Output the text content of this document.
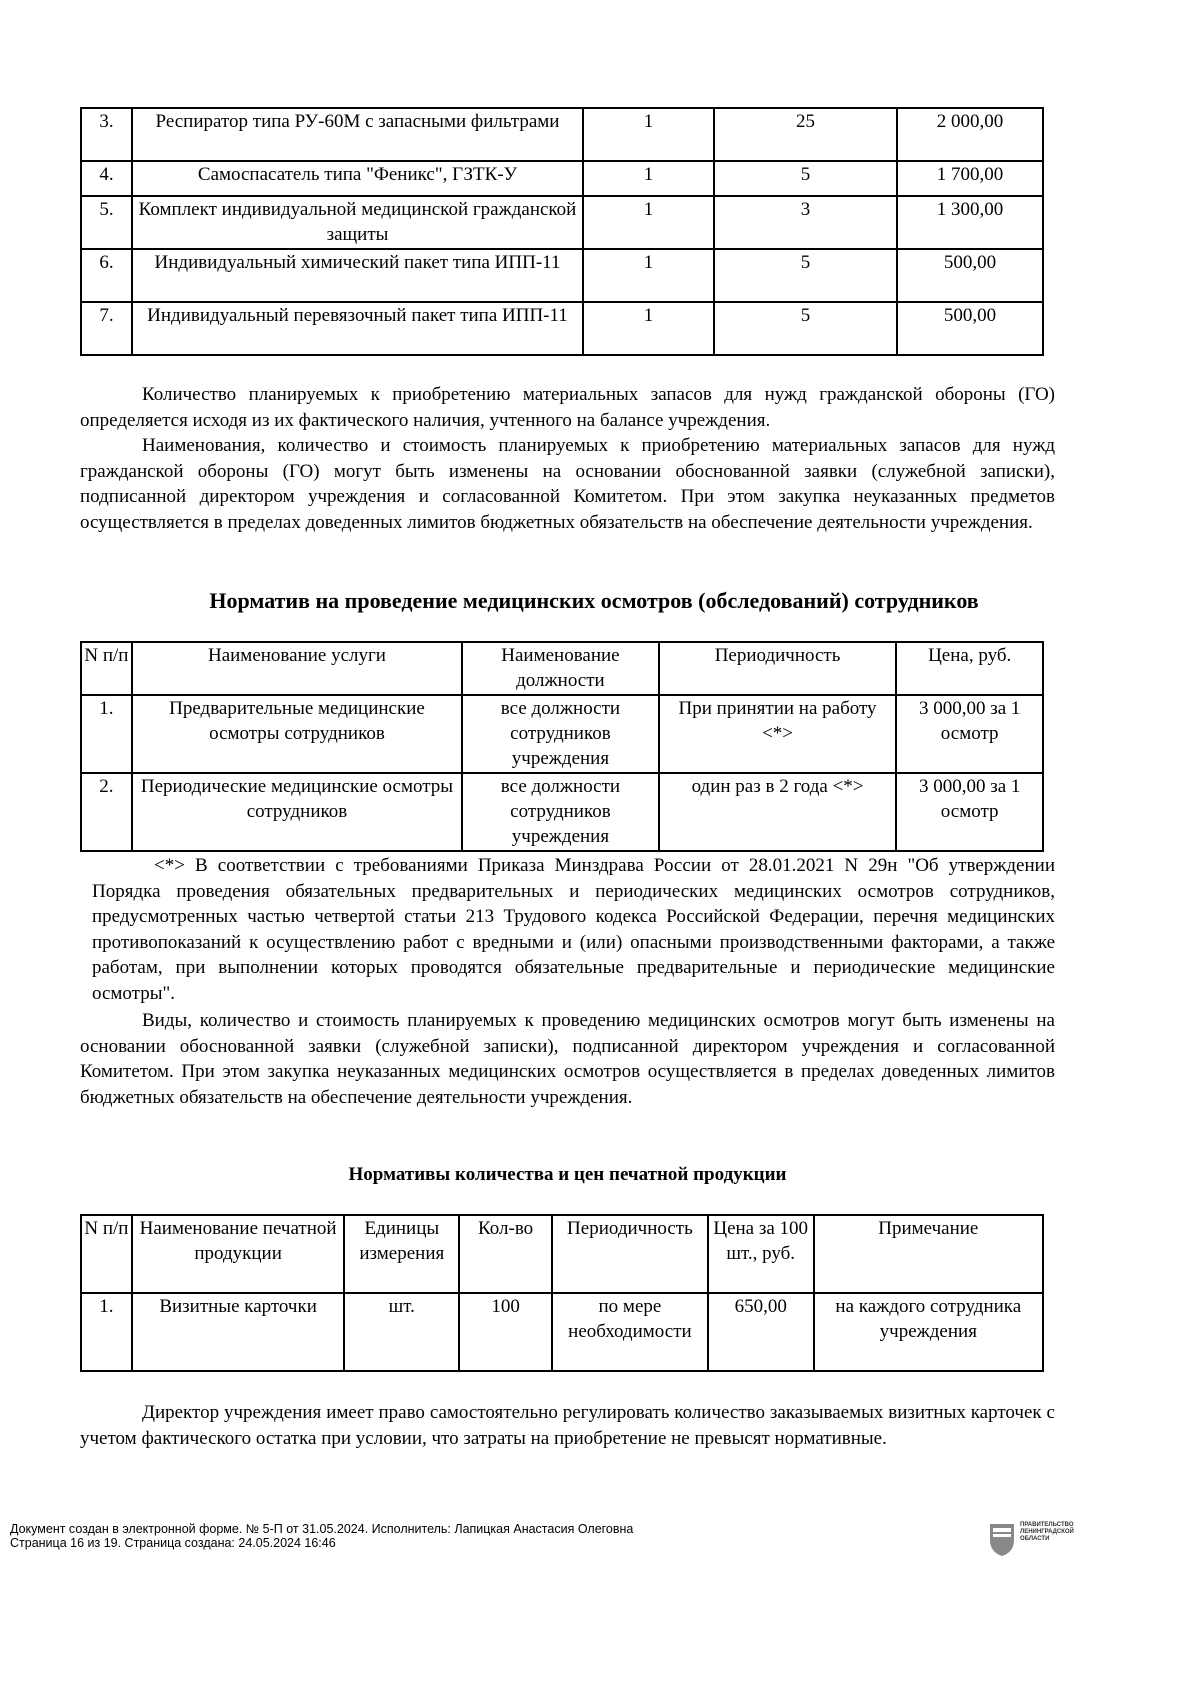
3.	Респиратор типа РУ-60М с запасными фильтрами	1	25	2 000,00
4.	Самоспасатель типа "Феникс", ГЗТК-У	1	5	1 700,00
5.	Комплект индивидуальной медицинской гражданской защиты	1	3	1 300,00
6.	Индивидуальный химический пакет типа ИПП-11	1	5	500,00
7.	Индивидуальный перевязочный пакет типа ИПП-11	1	5	500,00

Количество планируемых к приобретению материальных запасов для нужд гражданской обороны (ГО) определяется исходя из их фактического наличия, учтенного на балансе учреждения.

Наименования, количество и стоимость планируемых к приобретению материальных запасов для нужд гражданской обороны (ГО) могут быть изменены на основании обоснованной заявки (служебной записки), подписанной директором учреждения и согласованной Комитетом. При этом закупка неуказанных предметов осуществляется в пределах доведенных лимитов бюджетных обязательств на обеспечение деятельности учреждения.

Норматив на проведение медицинских осмотров (обследований) сотрудников
N п/п	Наименование услуги	Наименование должности	Периодичность	Цена, руб.
1.	Предварительные медицинские осмотры сотрудников	все должности сотрудников учреждения	При принятии на работу <*>	3 000,00 за 1 осмотр
2.	Периодические медицинские осмотры сотрудников	все должности сотрудников учреждения	один раз в 2 года <*>	3 000,00 за 1 осмотр

<*> В соответствии с требованиями Приказа Минздрава России от 28.01.2021 N 29н "Об утверждении Порядка проведения обязательных предварительных и периодических медицинских осмотров сотрудников, предусмотренных частью четвертой статьи 213 Трудового кодекса Российской Федерации, перечня медицинских противопоказаний к осуществлению работ с вредными и (или) опасными производственными факторами, а также работам, при выполнении которых проводятся обязательные предварительные и периодические медицинские осмотры".

Виды, количество и стоимость планируемых к проведению медицинских осмотров могут быть изменены на основании обоснованной заявки (служебной записки), подписанной директором учреждения и согласованной Комитетом. При этом закупка неуказанных медицинских осмотров осуществляется в пределах доведенных лимитов бюджетных обязательств на обеспечение деятельности учреждения.

Нормативы количества и цен печатной продукции
N п/п	Наименование печатной продукции	Единицы измерения	Кол-во	Периодичность	Цена за 100 шт., руб.	Примечание
1.	Визитные карточки	шт.	100	по мере необходимости	650,00	на каждого сотрудника учреждения

Директор учреждения имеет право самостоятельно регулировать количество заказываемых визитных карточек с учетом фактического остатка при условии, что затраты на приобретение не превысят нормативные.

Документ создан в электронной форме. № 5-П от 31.05.2024. Исполнитель: Лапицкая Анастасия Олеговна
Страница 16 из 19. Страница создана: 24.05.2024 16:46
ПРАВИТЕЛЬСТВО ЛЕНИНГРАДСКОЙ ОБЛАСТИ
